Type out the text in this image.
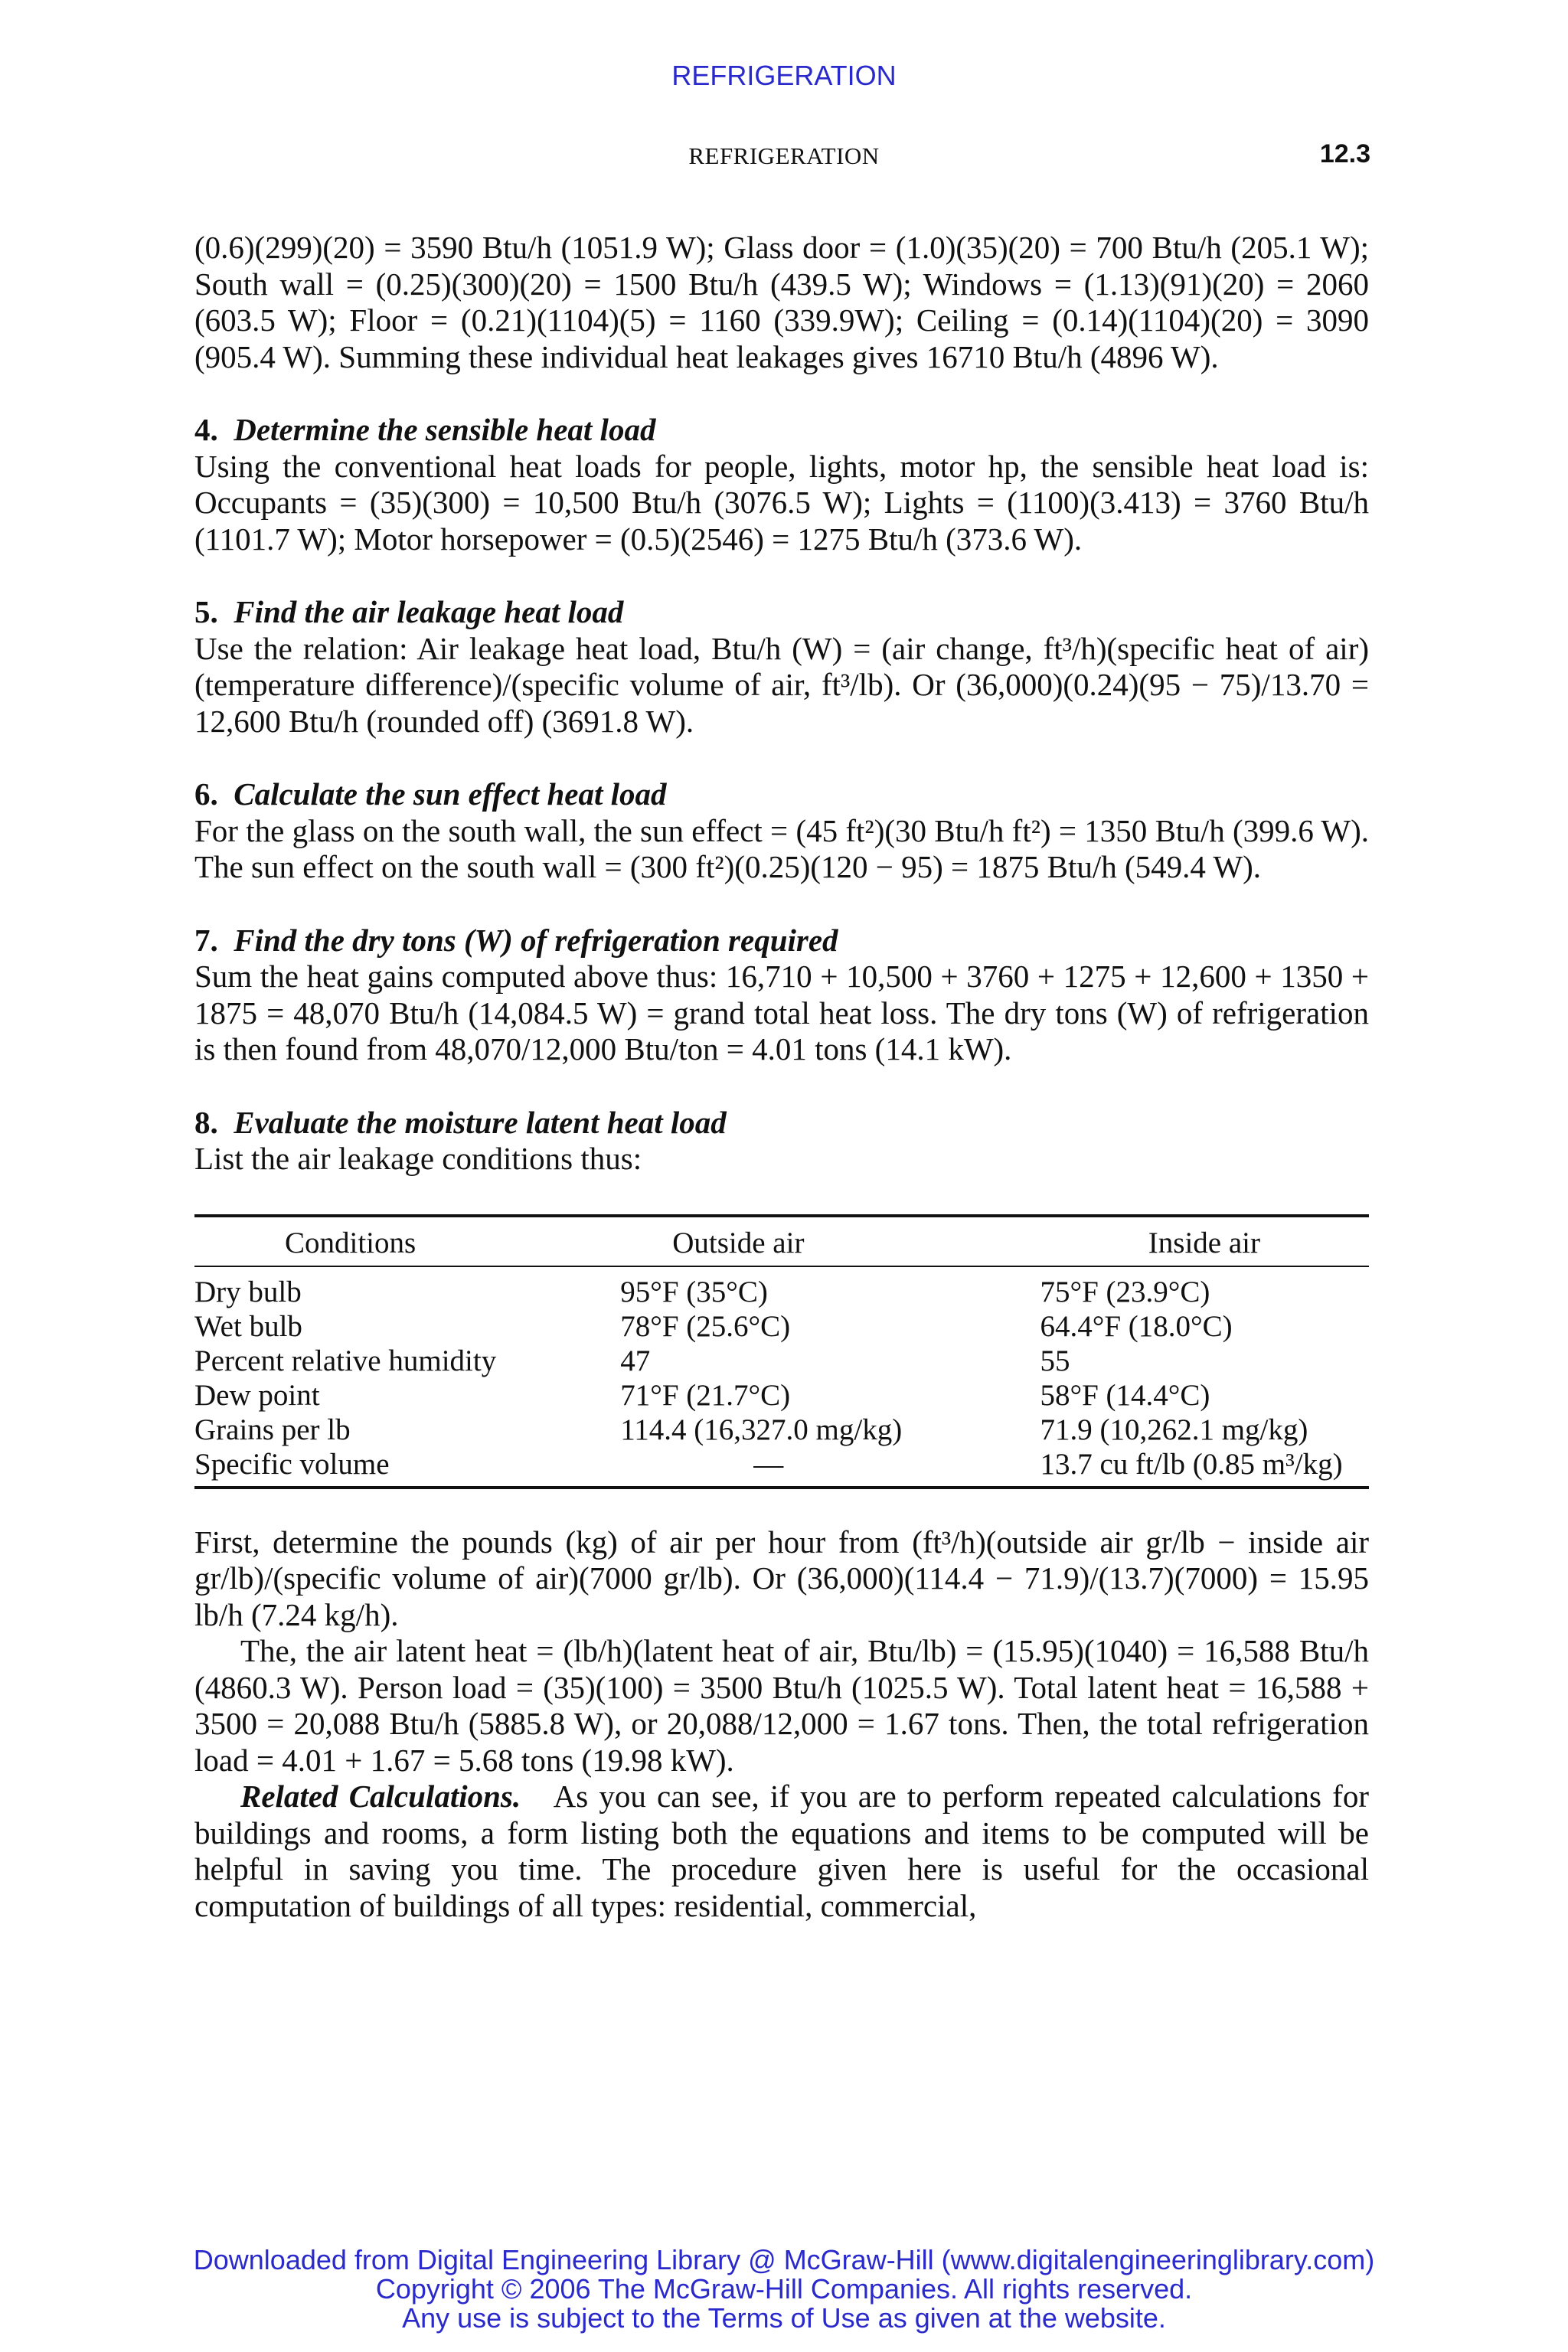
REFRIGERATION
REFRIGERATION	12.3

(0.6)(299)(20) = 3590 Btu/h (1051.9 W); Glass door = (1.0)(35)(20) = 700 Btu/h (205.1 W); South wall = (0.25)(300)(20) = 1500 Btu/h (439.5 W); Windows = (1.13)(91)(20) = 2060 (603.5 W); Floor = (0.21)(1104)(5) = 1160 (339.9W); Ceiling = (0.14)(1104)(20) = 3090 (905.4 W). Summing these individual heat leakages gives 16710 Btu/h (4896 W).

4. Determine the sensible heat load

Using the conventional heat loads for people, lights, motor hp, the sensible heat load is: Occupants = (35)(300) = 10,500 Btu/h (3076.5 W); Lights = (1100)(3.413) = 3760 Btu/h (1101.7 W); Motor horsepower = (0.5)(2546) = 1275 Btu/h (373.6 W).

5. Find the air leakage heat load

Use the relation: Air leakage heat load, Btu/h (W) = (air change, ft³/h)(specific heat of air)(temperature difference)/(specific volume of air, ft³/lb). Or (36,000)(0.24)(95 − 75)/13.70 = 12,600 Btu/h (rounded off) (3691.8 W).

6. Calculate the sun effect heat load

For the glass on the south wall, the sun effect = (45 ft²)(30 Btu/h ft²) = 1350 Btu/h (399.6 W). The sun effect on the south wall = (300 ft²)(0.25)(120 − 95) = 1875 Btu/h (549.4 W).

7. Find the dry tons (W) of refrigeration required

Sum the heat gains computed above thus: 16,710 + 10,500 + 3760 + 1275 + 12,600 + 1350 + 1875 = 48,070 Btu/h (14,084.5 W) = grand total heat loss. The dry tons (W) of refrigeration is then found from 48,070/12,000 Btu/ton = 4.01 tons (14.1 kW).

8. Evaluate the moisture latent heat load

List the air leakage conditions thus:

Conditions	Outside air	Inside air
Dry bulb	95°F (35°C)	75°F (23.9°C)
Wet bulb	78°F (25.6°C)	64.4°F (18.0°C)
Percent relative humidity	47	55
Dew point	71°F (21.7°C)	58°F (14.4°C)
Grains per lb	114.4 (16,327.0 mg/kg)	71.9 (10,262.1 mg/kg)
Specific volume	—	13.7 cu ft/lb (0.85 m³/kg)

First, determine the pounds (kg) of air per hour from (ft³/h)(outside air gr/lb − inside air gr/lb)/(specific volume of air)(7000 gr/lb). Or (36,000)(114.4 − 71.9)/(13.7)(7000) = 15.95 lb/h (7.24 kg/h).

The, the air latent heat = (lb/h)(latent heat of air, Btu/lb) = (15.95)(1040) = 16,588 Btu/h (4860.3 W). Person load = (35)(100) = 3500 Btu/h (1025.5 W). Total latent heat = 16,588 + 3500 = 20,088 Btu/h (5885.8 W), or 20,088/12,000 = 1.67 tons. Then, the total refrigeration load = 4.01 + 1.67 = 5.68 tons (19.98 kW).

Related Calculations. As you can see, if you are to perform repeated calculations for buildings and rooms, a form listing both the equations and items to be computed will be helpful in saving you time. The procedure given here is useful for the occasional computation of buildings of all types: residential, commercial,

Downloaded from Digital Engineering Library @ McGraw-Hill (www.digitalengineeringlibrary.com)
Copyright © 2006 The McGraw-Hill Companies. All rights reserved.
Any use is subject to the Terms of Use as given at the website.
